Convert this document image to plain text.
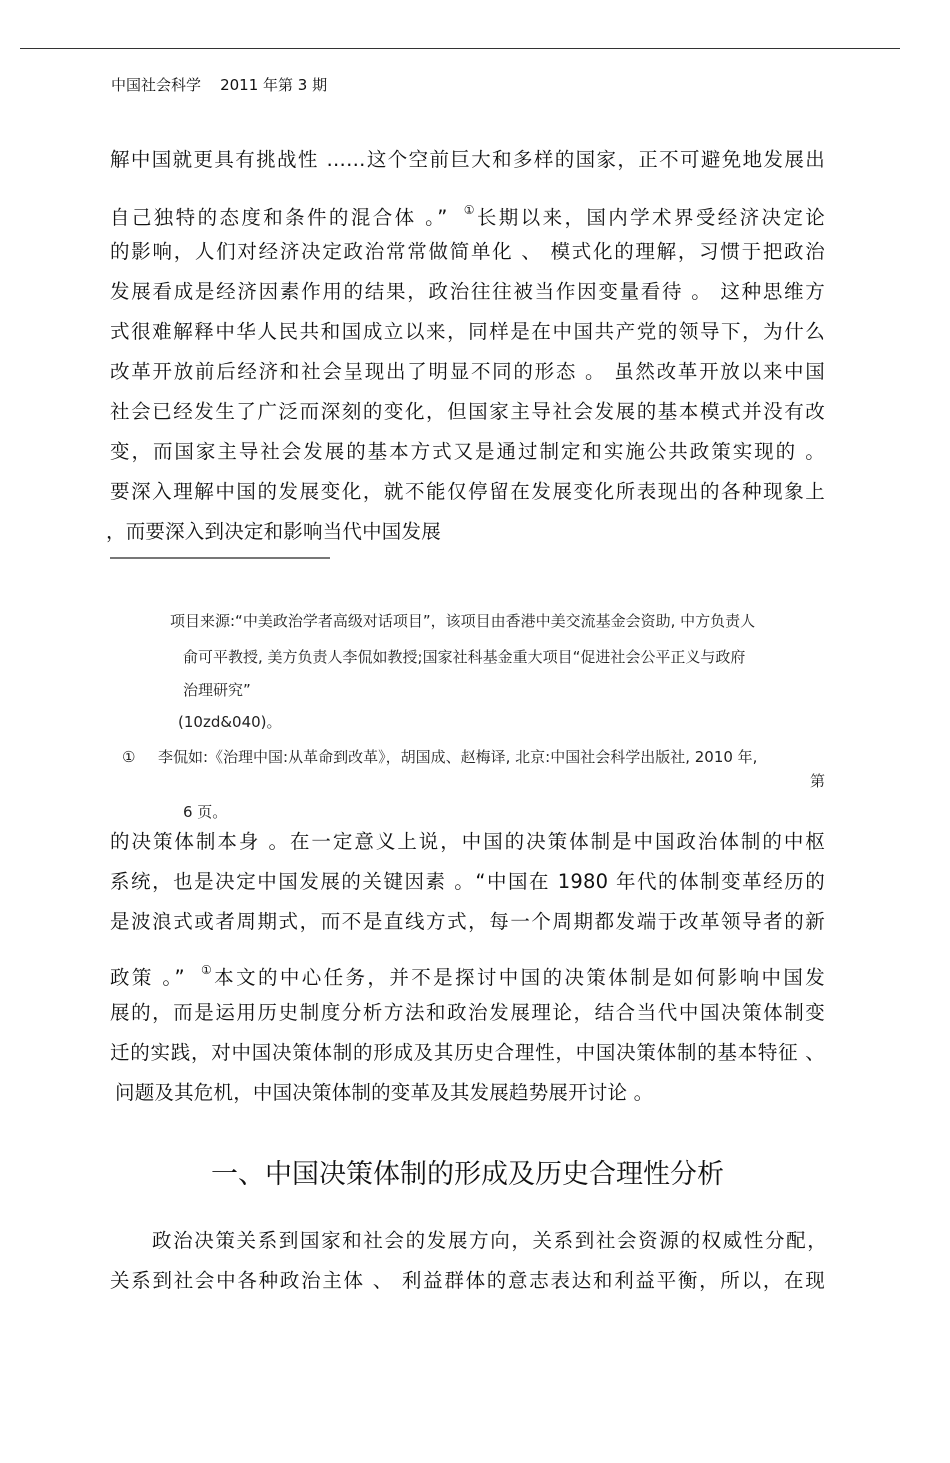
中国社会科学 2011 年第 3 期
解中国就更具有挑战性 ……这个空前巨大和多样的国家，正不可避免地发展出
自己独特的态度和条件的混合体 。” ①长期以来，国内学术界受经济决定论
的影响，人们对经济决定政治常常做简单化 、 模式化的理解，习惯于把政治
发展看成是经济因素作用的结果，政治往往被当作因变量看待 。 这种思维方
式很难解释中华人民共和国成立以来，同样是在中国共产党的领导下，为什么
改革开放前后经济和社会呈现出了明显不同的形态 。 虽然改革开放以来中国
社会已经发生了广泛而深刻的变化，但国家主导社会发展的基本模式并没有改
变，而国家主导社会发展的基本方式又是通过制定和实施公共政策实现的 。
要深入理解中国的发展变化，就不能仅停留在发展变化所表现出的各种现象上
，而要深入到决定和影响当代中国发展
项目来源:“中美政治学者高级对话项目”，该项目由香港中美交流基金会资助, 中方负责人
俞可平教授, 美方负责人李侃如教授;国家社科基金重大项目“促进社会公平正义与政府
治理研究”
(10zd&040)。
① 李侃如:《治理中国:从革命到改革》，胡国成、赵梅译, 北京:中国社会科学出版社, 2010 年,
第
6 页。
的决策体制本身 。在一定意义上说，中国的决策体制是中国政治体制的中枢
系统，也是决定中国发展的关键因素 。“中国在 1980 年代的体制变革经历的
是波浪式或者周期式，而不是直线方式，每一个周期都发端于改革领导者的新
政策 。” ①本文的中心任务，并不是探讨中国的决策体制是如何影响中国发
展的，而是运用历史制度分析方法和政治发展理论，结合当代中国决策体制变
迁的实践，对中国决策体制的形成及其历史合理性，中国决策体制的基本特征 、
问题及其危机，中国决策体制的变革及其发展趋势展开讨论 。
一、中国决策体制的形成及历史合理性分析
政治决策关系到国家和社会的发展方向，关系到社会资源的权威性分配，
关系到社会中各种政治主体 、 利益群体的意志表达和利益平衡，所以，在现
